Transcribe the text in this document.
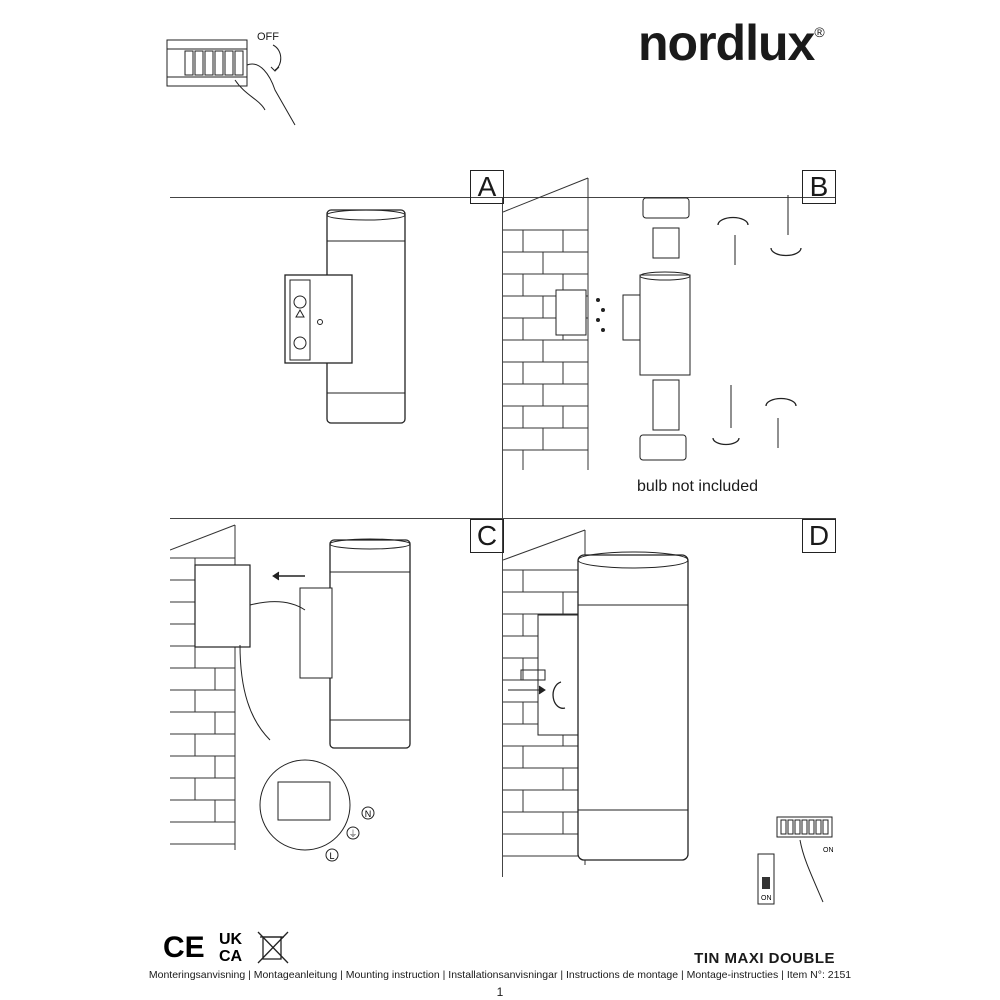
nordlux®
OFF
A	B
C	D
bulb not included
N
⏚
L
ON
ON
CE UK
CA	TIN MAXI DOUBLE
Monteringsanvisning | Montageanleitung | Mounting instruction | Installationsanvisningar | Instructions de montage | Montage-instructies | Item N°: 2151
1
